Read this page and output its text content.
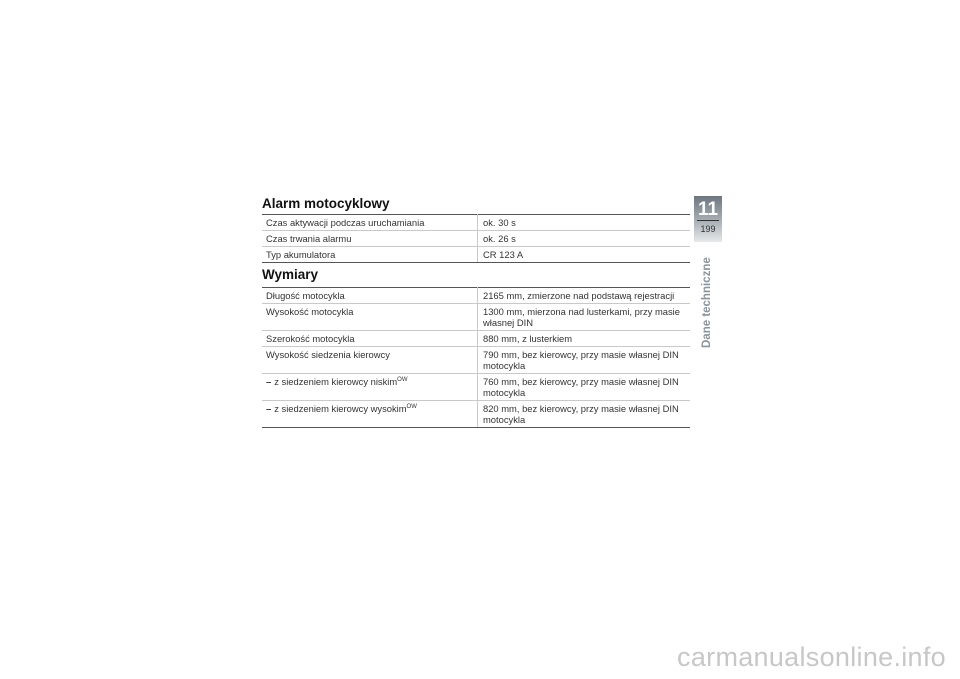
Alarm motocyklowy
Czas aktywacji podczas uruchamiania	ok. 30 s
Czas trwania alarmu	ok. 26 s
Typ akumulatora	CR 123 A
Wymiary
Długość motocykla	2165 mm, zmierzone nad podstawą rejestracji
Wysokość motocykla	1300 mm, mierzona nad lusterkami, przy masie własnej DIN
Szerokość motocykla	880 mm, z lusterkiem
Wysokość siedzenia kierowcy	790 mm, bez kierowcy, przy masie własnej DIN motocykla
– z siedzeniem kierowcy niskim$^{OW}$	760 mm, bez kierowcy, przy masie własnej DIN motocykla
– z siedzeniem kierowcy wysokim$^{OW}$	820 mm, bez kierowcy, przy masie własnej DIN motocykla
11
199
Dane techniczne
carmanualsonline.info
